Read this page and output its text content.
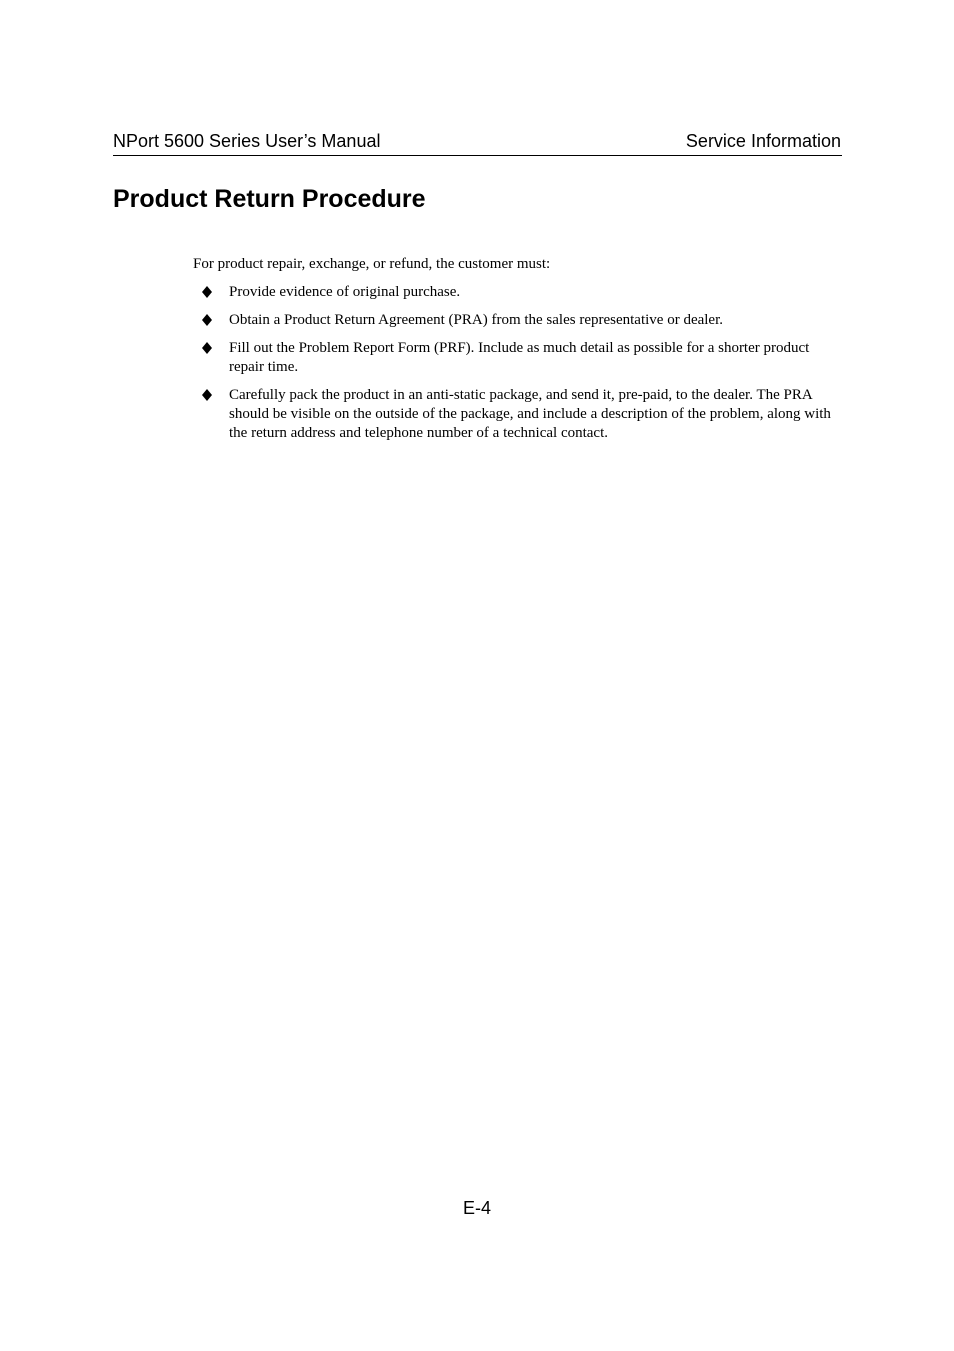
NPort 5600 Series User’s Manual	Service Information
Product Return Procedure

For product repair, exchange, or refund, the customer must:

Provide evidence of original purchase.
Obtain a Product Return Agreement (PRA) from the sales representative or dealer.
Fill out the Problem Report Form (PRF). Include as much detail as possible for a shorter product repair time.
Carefully pack the product in an anti-static package, and send it, pre-paid, to the dealer. The PRA should be visible on the outside of the package, and include a description of the problem, along with the return address and telephone number of a technical contact.
E-4
